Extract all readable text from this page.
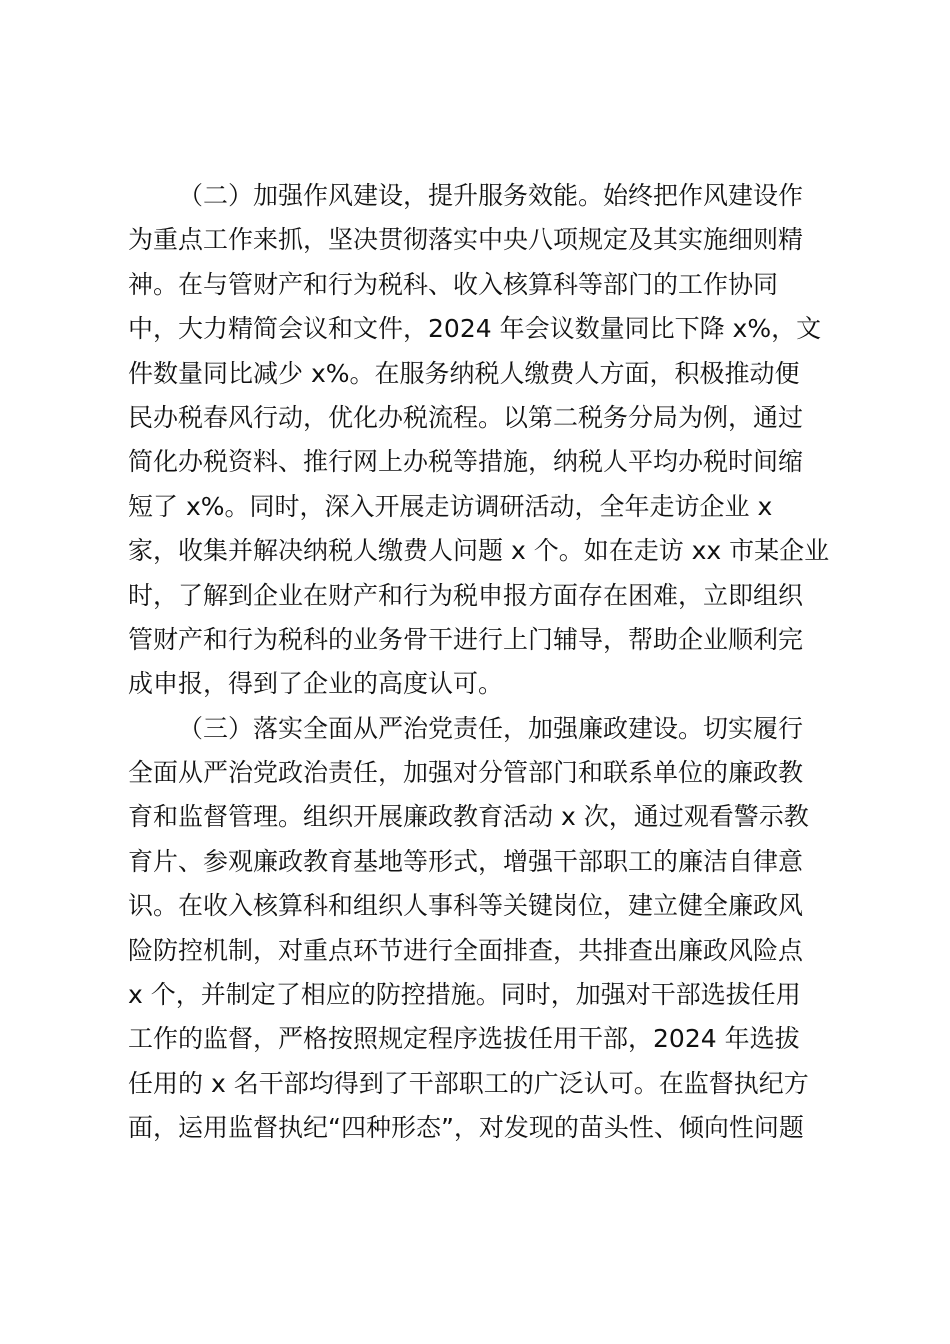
（二）加强作风建设，提升服务效能。始终把作风建设作
为重点工作来抓，坚决贯彻落实中央八项规定及其实施细则精
神。在与管财产和行为税科、收入核算科等部门的工作协同
中，大力精简会议和文件，2024 年会议数量同比下降 x%，文
件数量同比减少 x%。在服务纳税人缴费人方面，积极推动便
民办税春风行动，优化办税流程。以第二税务分局为例，通过
简化办税资料、推行网上办税等措施，纳税人平均办税时间缩
短了 x%。同时，深入开展走访调研活动，全年走访企业 x
家，收集并解决纳税人缴费人问题 x 个。如在走访 xx 市某企业
时，了解到企业在财产和行为税申报方面存在困难，立即组织
管财产和行为税科的业务骨干进行上门辅导，帮助企业顺利完
成申报，得到了企业的高度认可。
（三）落实全面从严治党责任，加强廉政建设。切实履行
全面从严治党政治责任，加强对分管部门和联系单位的廉政教
育和监督管理。组织开展廉政教育活动 x 次，通过观看警示教
育片、参观廉政教育基地等形式，增强干部职工的廉洁自律意
识。在收入核算科和组织人事科等关键岗位，建立健全廉政风
险防控机制，对重点环节进行全面排查，共排查出廉政风险点
x 个，并制定了相应的防控措施。同时，加强对干部选拔任用
工作的监督，严格按照规定程序选拔任用干部，2024 年选拔
任用的 x 名干部均得到了干部职工的广泛认可。在监督执纪方
面，运用监督执纪“四种形态”，对发现的苗头性、倾向性问题
